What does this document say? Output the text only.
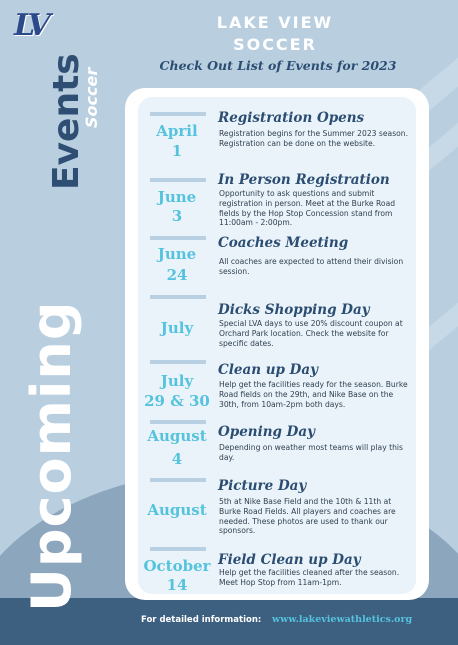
LV	LAKE VIEW
SOCCER
Check Out List of Events for 2023
Upcoming
Events
Soccer
April
1
Registration Opens
Registration begins for the Summer 2023 season. Registration can be done on the website.
June
3
In Person Registration
Opportunity to ask questions and submit registration in person. Meet at the Burke Road fields by the Hop Stop Concession stand from 11:00am - 2:00pm.
June
24
Coaches Meeting
All coaches are expected to attend their division session.
July
Dicks Shopping Day
Special LVA days to use 20% discount coupon at Orchard Park location. Check the website for specific dates.
July
29 & 30
Clean up Day
Help get the facilities ready for the season. Burke Road fields on the 29th, and Nike Base on the 30th, from 10am-2pm both days.
August
4
Opening Day
Depending on weather most teams will play this day.
August
Picture Day
5th at Nike Base Field and the 10th & 11th at Burke Road Fields. All players and coaches are needed. These photos are used to thank our sponsors.
October
14
Field Clean up Day
Help get the facilities cleaned after the season. Meet Hop Stop from 11am-1pm.
For detailed information: www.lakeviewathletics.org
